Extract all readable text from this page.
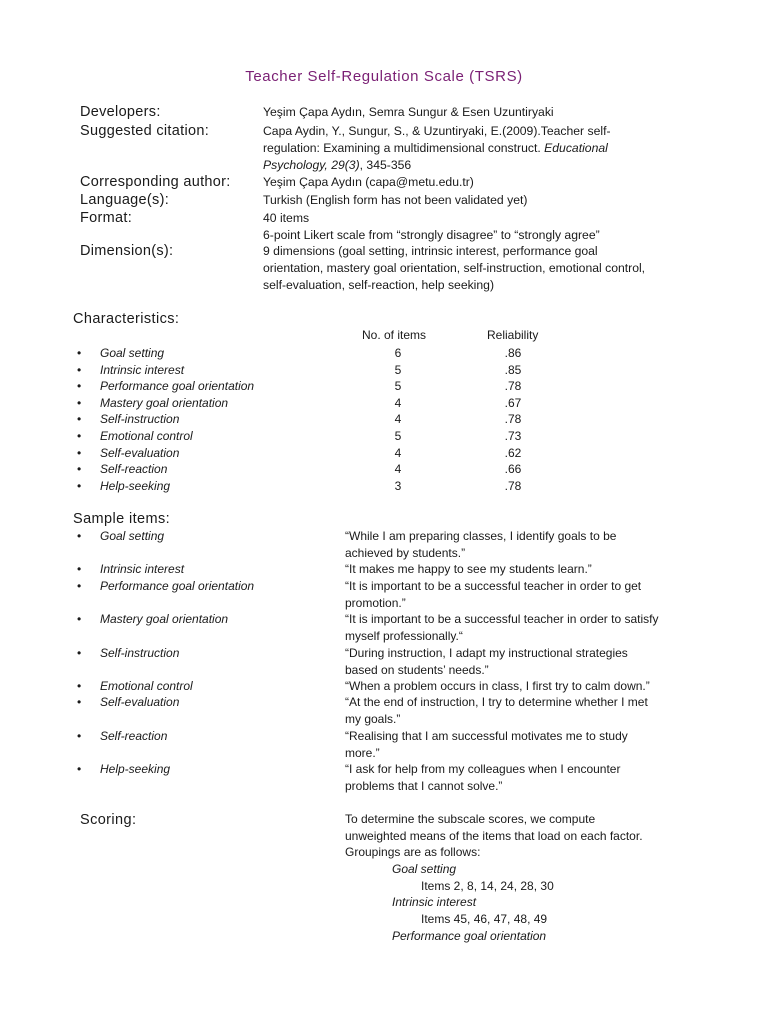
Teacher Self-Regulation Scale (TSRS)
Developers:	Yeşim Çapa Aydın, Semra Sungur & Esen Uzuntiryaki
Suggested citation:	Capa Aydin, Y., Sungur, S., & Uzuntiryaki, E.(2009).Teacher self-
regulation: Examining a multidimensional construct. Educational
Psychology, 29(3), 345-356
Corresponding author:	Yeşim Çapa Aydın (capa@metu.edu.tr)
Language(s):	Turkish (English form has not been validated yet)
Format:	40 items
6-point Likert scale from “strongly disagree” to “strongly agree”
Dimension(s):	9 dimensions (goal setting, intrinsic interest, performance goal
orientation, mastery goal orientation, self-instruction, emotional control,
self-evaluation, self-reaction, help seeking)
Characteristics:
No. of items	Reliability
• Goal setting	6	.86
• Intrinsic interest	5	.85
• Performance goal orientation	5	.78
• Mastery goal orientation	4	.67
• Self-instruction	4	.78
• Emotional control	5	.73
• Self-evaluation	4	.62
• Self-reaction	4	.66
• Help-seeking	3	.78
• Goal setting	“While I am preparing classes, I identify goals to be
achieved by students.”
• Intrinsic interest	“It makes me happy to see my students learn.”
• Performance goal orientation	“It is important to be a successful teacher in order to get
promotion.”
• Mastery goal orientation	“It is important to be a successful teacher in order to satisfy
myself professionally.“
• Self-instruction	“During instruction, I adapt my instructional strategies
based on students’ needs.”
• Emotional control	“When a problem occurs in class, I first try to calm down.”
• Self-evaluation	“At the end of instruction, I try to determine whether I met
my goals.”
• Self-reaction	“Realising that I am successful motivates me to study
more.”
• Help-seeking	“I ask for help from my colleagues when I encounter
problems that I cannot solve.”
Sample items:
Scoring:	To determine the subscale scores, we compute
unweighted means of the items that load on each factor.
Groupings are as follows:
Goal setting
Items 2, 8, 14, 24, 28, 30
Intrinsic interest
Items 45, 46, 47, 48, 49
Performance goal orientation
